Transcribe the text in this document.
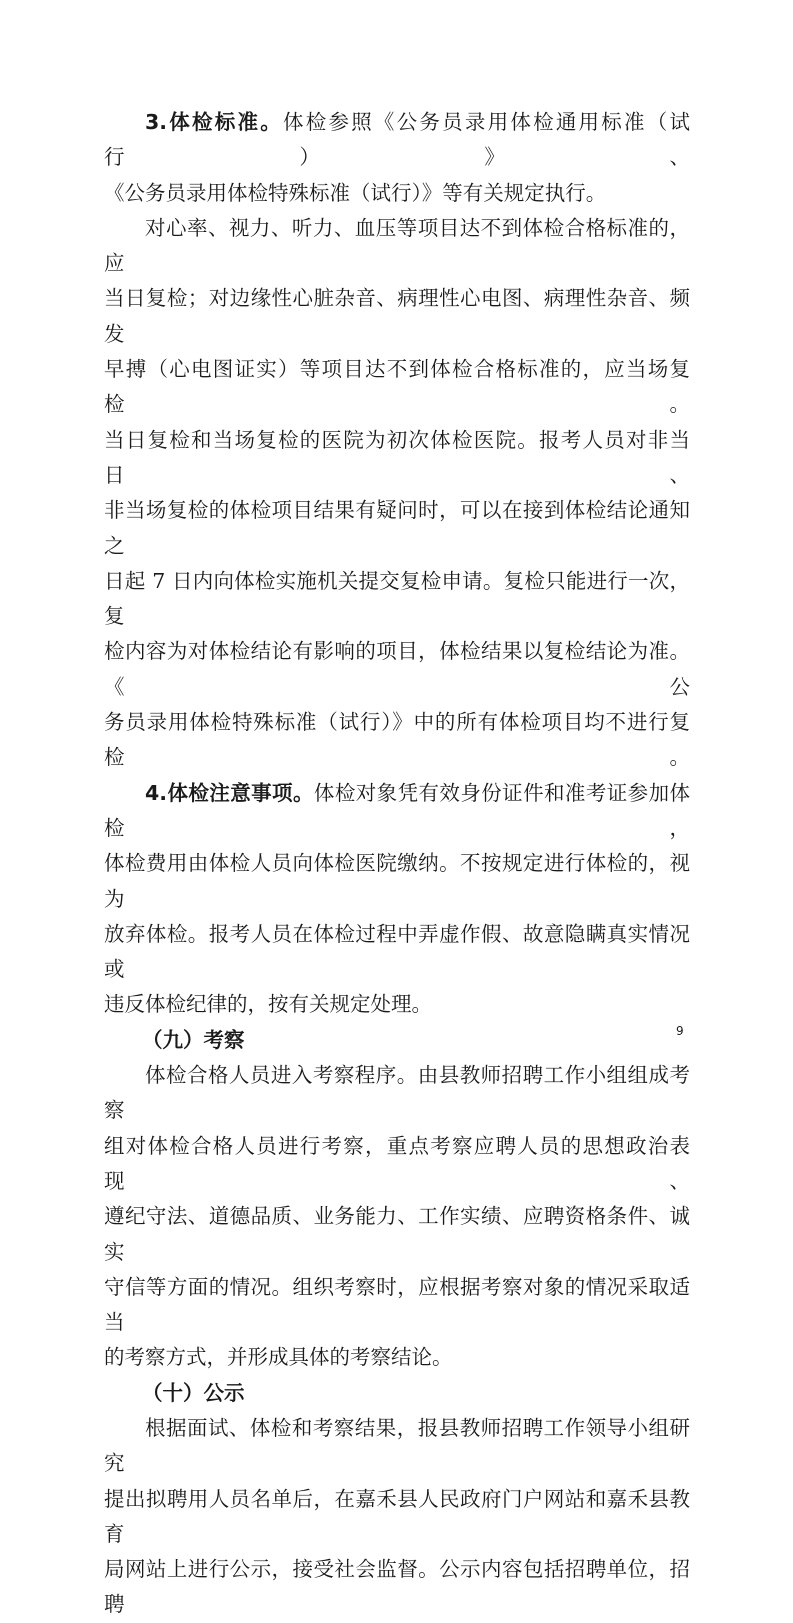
3.体检标准。体检参照《公务员录用体检通用标准（试行）》、

《公务员录用体检特殊标准（试行）》等有关规定执行。

对心率、视力、听力、血压等项目达不到体检合格标准的，应

当日复检；对边缘性心脏杂音、病理性心电图、病理性杂音、频发

早搏（心电图证实）等项目达不到体检合格标准的，应当场复检。

当日复检和当场复检的医院为初次体检医院。报考人员对非当日、

非当场复检的体检项目结果有疑问时，可以在接到体检结论通知之

日起 7 日内向体检实施机关提交复检申请。复检只能进行一次，复

检内容为对体检结论有影响的项目，体检结果以复检结论为准。《公

务员录用体检特殊标准（试行）》中的所有体检项目均不进行复检。

4.体检注意事项。体检对象凭有效身份证件和准考证参加体检，

体检费用由体检人员向体检医院缴纳。不按规定进行体检的，视为

放弃体检。报考人员在体检过程中弄虚作假、故意隐瞒真实情况或

违反体检纪律的，按有关规定处理。

（九）考察

体检合格人员进入考察程序。由县教师招聘工作小组组成考察

组对体检合格人员进行考察，重点考察应聘人员的思想政治表现、

遵纪守法、道德品质、业务能力、工作实绩、应聘资格条件、诚实

守信等方面的情况。组织考察时，应根据考察对象的情况采取适当

的考察方式，并形成具体的考察结论。

（十）公示

根据面试、体检和考察结果，报县教师招聘工作领导小组研究

提出拟聘用人员名单后，在嘉禾县人民政府门户网站和嘉禾县教育

局网站上进行公示，接受社会监督。公示内容包括招聘单位，招聘

9
